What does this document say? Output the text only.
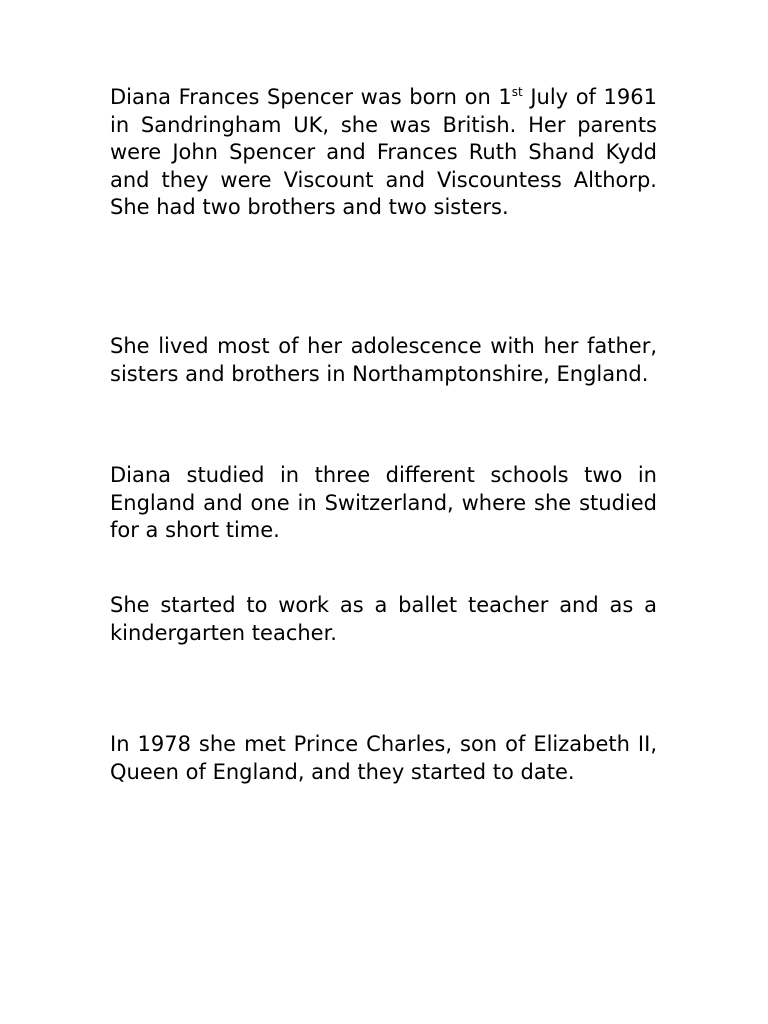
Diana Frances Spencer was born on 1st July of 1961 in Sandringham UK, she was British. Her parents were John Spencer and Frances Ruth Shand Kydd and they were Viscount and Viscountess Althorp. She had two brothers and two sisters.

She lived most of her adolescence with her father, sisters and brothers in Northamptonshire, England.

Diana studied in three different schools two in England and one in Switzerland, where she studied for a short time.

She started to work as a ballet teacher and as a kindergarten teacher.

In 1978 she met Prince Charles, son of Elizabeth II, Queen of England, and they started to date.
